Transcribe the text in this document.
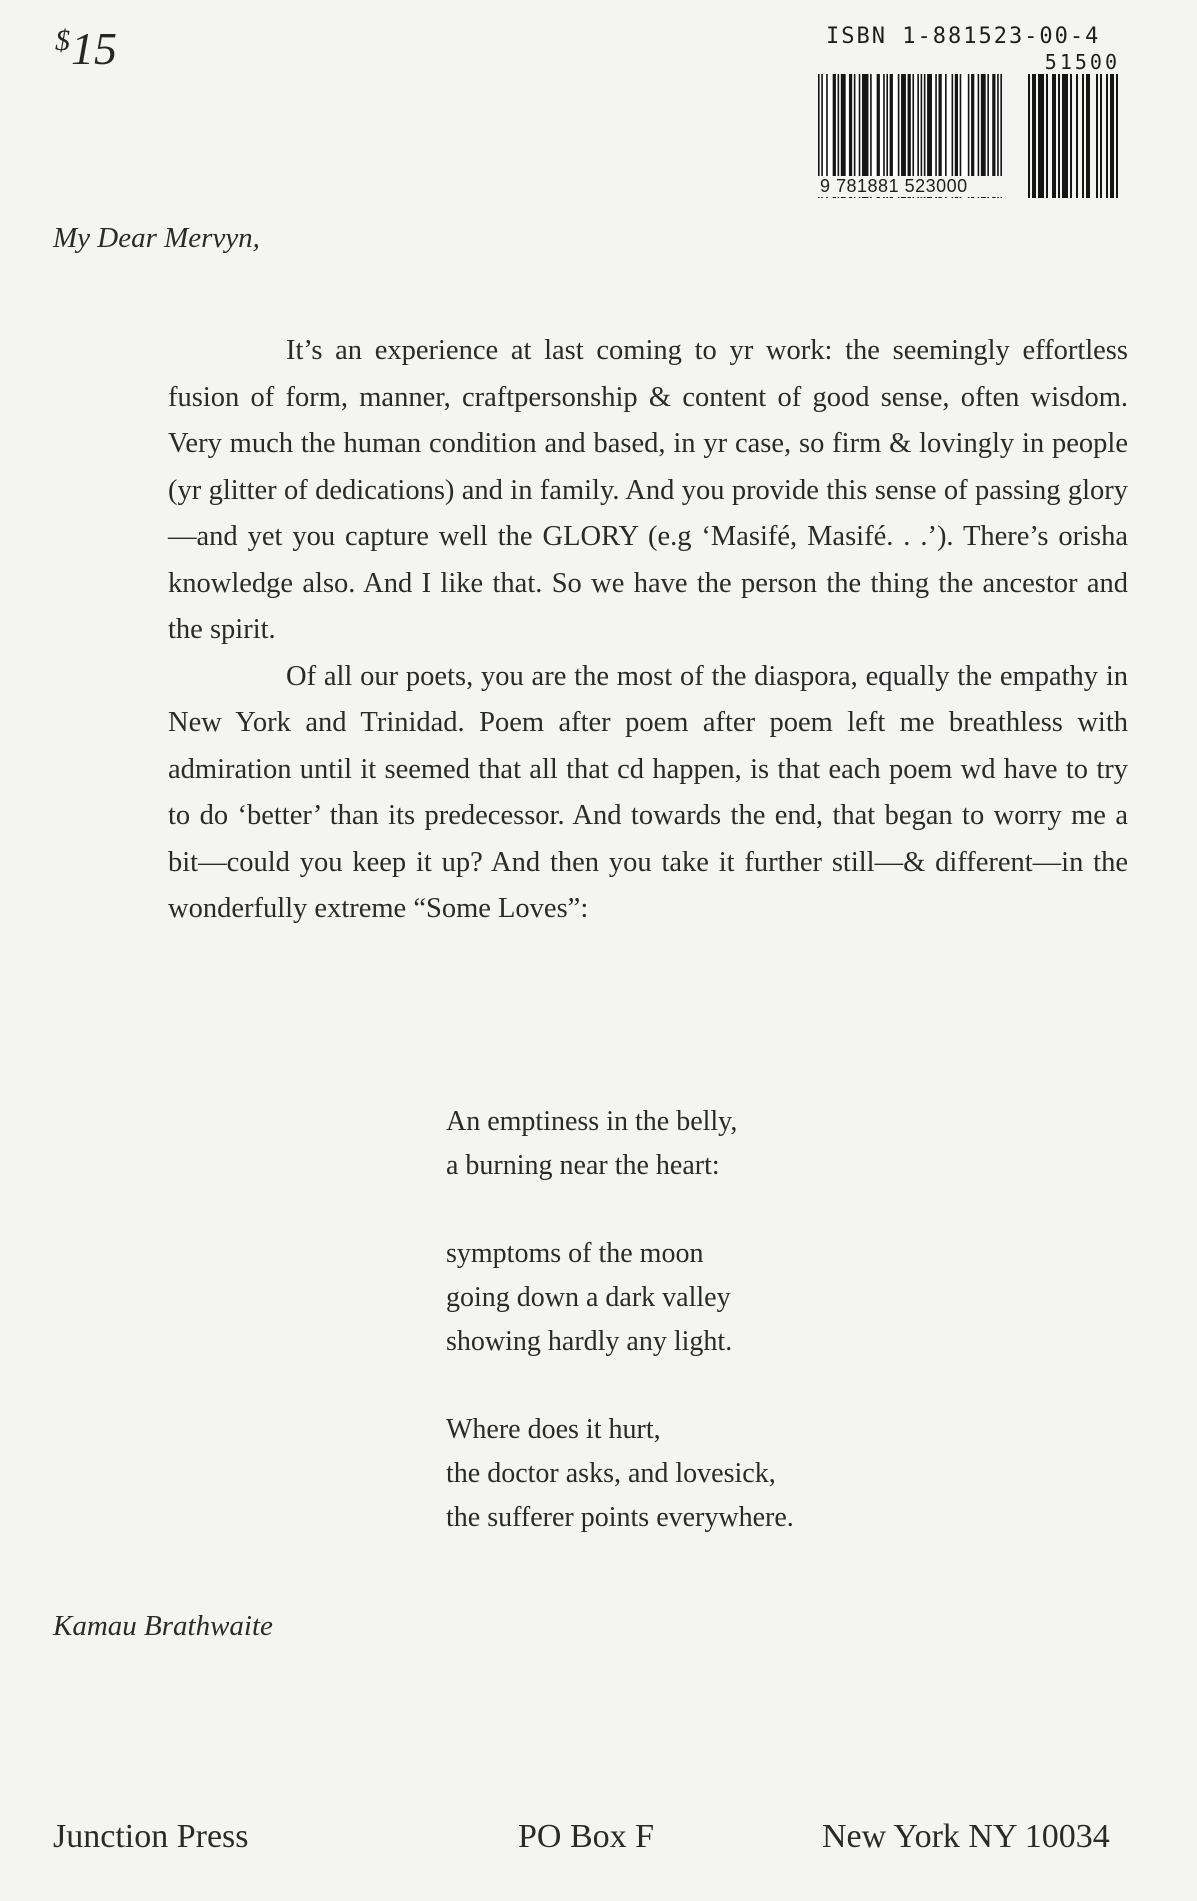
$15	ISBN 1-881523-00-4
51500
9 781881 523000
My Dear Mervyn,

It’s an experience at last coming to yr work: the seemingly effortless fusion of form, manner, craftpersonship & content of good sense, often wisdom. Very much the human condition and based, in yr case, so firm & lovingly in people (yr glitter of dedications) and in family. And you provide this sense of passing glory—and yet you capture well the GLORY (e.g ‘Masifé, Masifé. . .’). There’s orisha knowledge also. And I like that. So we have the person the thing the ancestor and the spirit.

Of all our poets, you are the most of the diaspora, equally the empathy in New York and Trinidad. Poem after poem after poem left me breathless with admiration until it seemed that all that cd happen, is that each poem wd have to try to do ‘better’ than its predecessor. And towards the end, that began to worry me a bit—could you keep it up? And then you take it further still—& different—in the wonderfully extreme “Some Loves”:

An emptiness in the belly,
a burning near the heart:
symptoms of the moon
going down a dark valley
showing hardly any light.
Where does it hurt,
the doctor asks, and lovesick,
the sufferer points everywhere.
Kamau Brathwaite
Junction Press	PO Box F	New York NY 10034
